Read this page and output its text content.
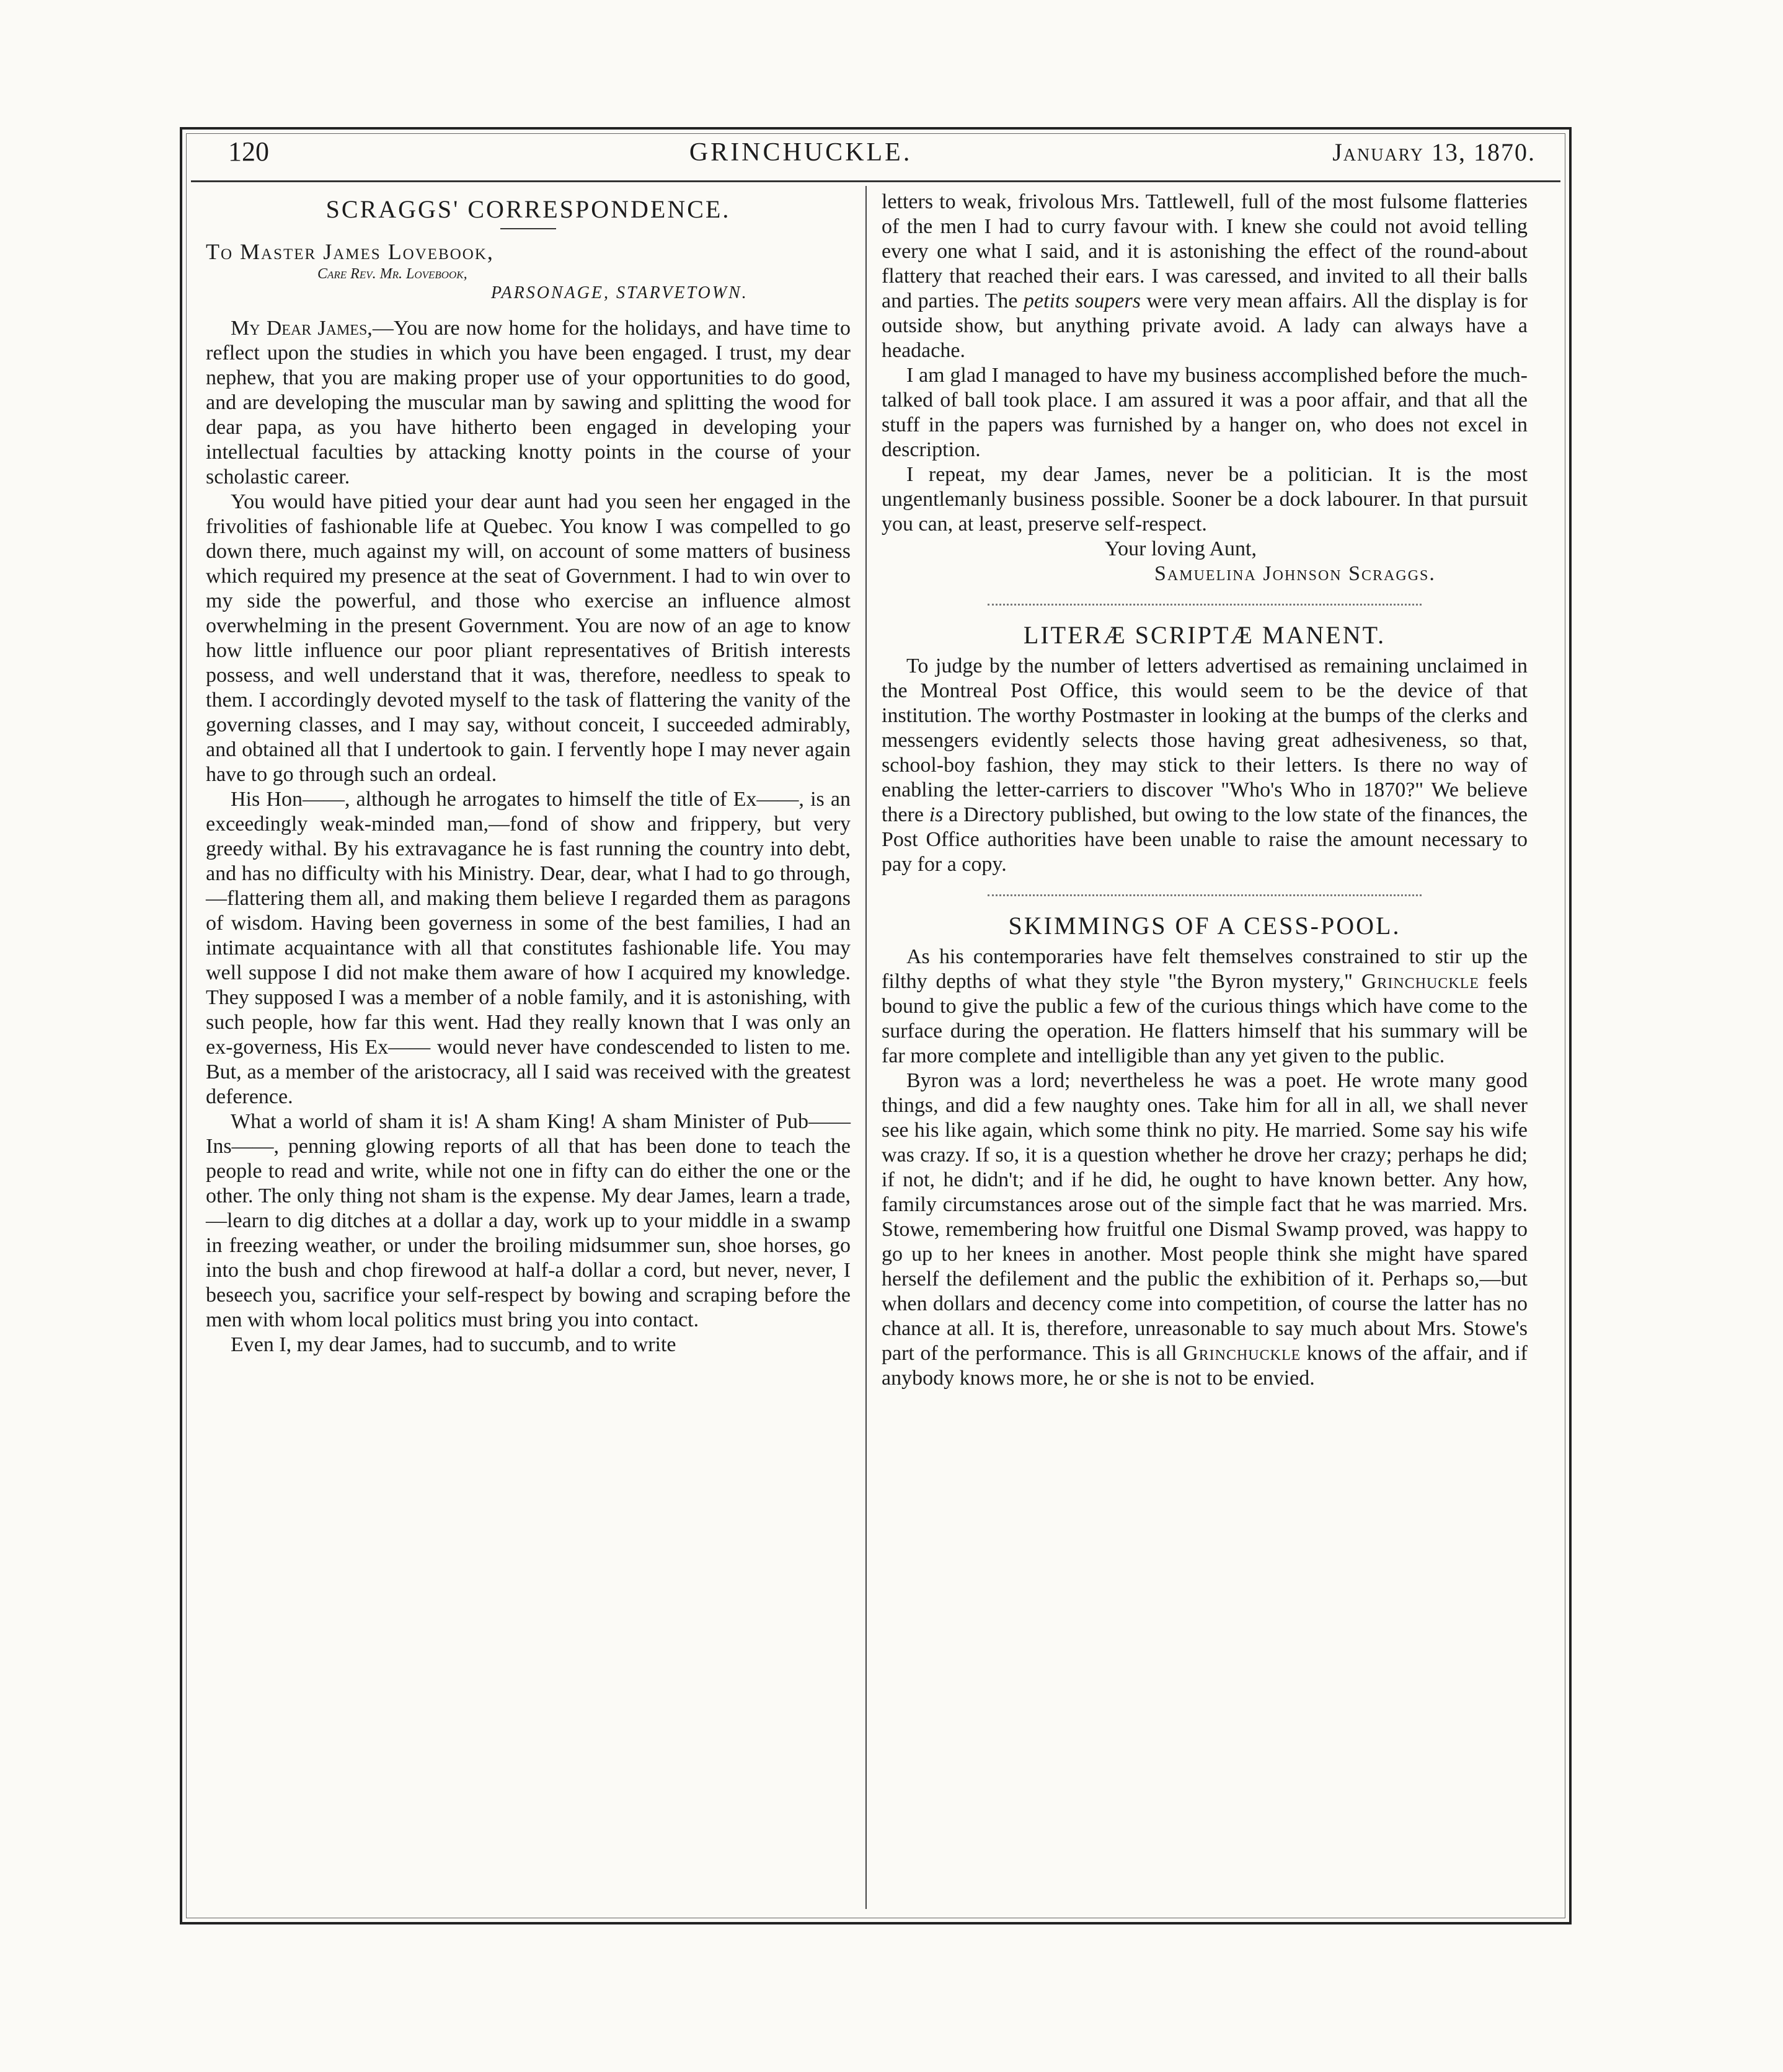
120	GRINCHUCKLE.	January 13, 1870.
SCRAGGS' CORRESPONDENCE.
To Master James Lovebook,
Care Rev. Mr. Lovebook,
PARSONAGE, STARVETOWN.

My Dear James,—You are now home for the holidays, and have time to reflect upon the studies in which you have been engaged. I trust, my dear nephew, that you are making proper use of your opportunities to do good, and are developing the muscular man by sawing and splitting the wood for dear papa, as you have hitherto been engaged in developing your intellectual faculties by attacking knotty points in the course of your scholastic career.

You would have pitied your dear aunt had you seen her engaged in the frivolities of fashionable life at Quebec. You know I was compelled to go down there, much against my will, on account of some matters of business which required my presence at the seat of Government. I had to win over to my side the powerful, and those who exercise an influence almost overwhelming in the present Government. You are now of an age to know how little influence our poor pliant representatives of British interests possess, and well understand that it was, therefore, needless to speak to them. I accordingly devoted myself to the task of flattering the vanity of the governing classes, and I may say, without conceit, I succeeded admirably, and obtained all that I undertook to gain. I fervently hope I may never again have to go through such an ordeal.

His Hon——, although he arrogates to himself the title of Ex——, is an exceedingly weak-minded man,—fond of show and frippery, but very greedy withal. By his extravagance he is fast running the country into debt, and has no difficulty with his Ministry. Dear, dear, what I had to go through,—flattering them all, and making them believe I regarded them as paragons of wisdom. Having been governess in some of the best families, I had an intimate acquaintance with all that constitutes fashionable life. You may well suppose I did not make them aware of how I acquired my knowledge. They supposed I was a member of a noble family, and it is astonishing, with such people, how far this went. Had they really known that I was only an ex-governess, His Ex—— would never have condescended to listen to me. But, as a member of the aristocracy, all I said was received with the greatest deference.

What a world of sham it is! A sham King! A sham Minister of Pub—— Ins——, penning glowing reports of all that has been done to teach the people to read and write, while not one in fifty can do either the one or the other. The only thing not sham is the expense. My dear James, learn a trade,—learn to dig ditches at a dollar a day, work up to your middle in a swamp in freezing weather, or under the broiling midsummer sun, shoe horses, go into the bush and chop firewood at half-a dollar a cord, but never, never, I beseech you, sacrifice your self-respect by bowing and scraping before the men with whom local politics must bring you into contact.

Even I, my dear James, had to succumb, and to write

letters to weak, frivolous Mrs. Tattlewell, full of the most fulsome flatteries of the men I had to curry favour with. I knew she could not avoid telling every one what I said, and it is astonishing the effect of the round-about flattery that reached their ears. I was caressed, and invited to all their balls and parties. The petits soupers were very mean affairs. All the display is for outside show, but anything private avoid. A lady can always have a headache.

I am glad I managed to have my business accomplished before the much-talked of ball took place. I am assured it was a poor affair, and that all the stuff in the papers was furnished by a hanger on, who does not excel in description.

I repeat, my dear James, never be a politician. It is the most ungentlemanly business possible. Sooner be a dock labourer. In that pursuit you can, at least, preserve self-respect.

Your loving Aunt,

Samuelina Johnson Scraggs.

LITERÆ SCRIPTÆ MANENT.

To judge by the number of letters advertised as remaining unclaimed in the Montreal Post Office, this would seem to be the device of that institution. The worthy Postmaster in looking at the bumps of the clerks and messengers evidently selects those having great adhesiveness, so that, school-boy fashion, they may stick to their letters. Is there no way of enabling the letter-carriers to discover "Who's Who in 1870?" We believe there is a Directory published, but owing to the low state of the finances, the Post Office authorities have been unable to raise the amount necessary to pay for a copy.

SKIMMINGS OF A CESS-POOL.

As his contemporaries have felt themselves constrained to stir up the filthy depths of what they style "the Byron mystery," Grinchuckle feels bound to give the public a few of the curious things which have come to the surface during the operation. He flatters himself that his summary will be far more complete and intelligible than any yet given to the public.

Byron was a lord; nevertheless he was a poet. He wrote many good things, and did a few naughty ones. Take him for all in all, we shall never see his like again, which some think no pity. He married. Some say his wife was crazy. If so, it is a question whether he drove her crazy; perhaps he did; if not, he didn't; and if he did, he ought to have known better. Any how, family circumstances arose out of the simple fact that he was married. Mrs. Stowe, remembering how fruitful one Dismal Swamp proved, was happy to go up to her knees in another. Most people think she might have spared herself the defilement and the public the exhibition of it. Perhaps so,—but when dollars and decency come into competition, of course the latter has no chance at all. It is, therefore, unreasonable to say much about Mrs. Stowe's part of the performance. This is all Grinchuckle knows of the affair, and if anybody knows more, he or she is not to be envied.
